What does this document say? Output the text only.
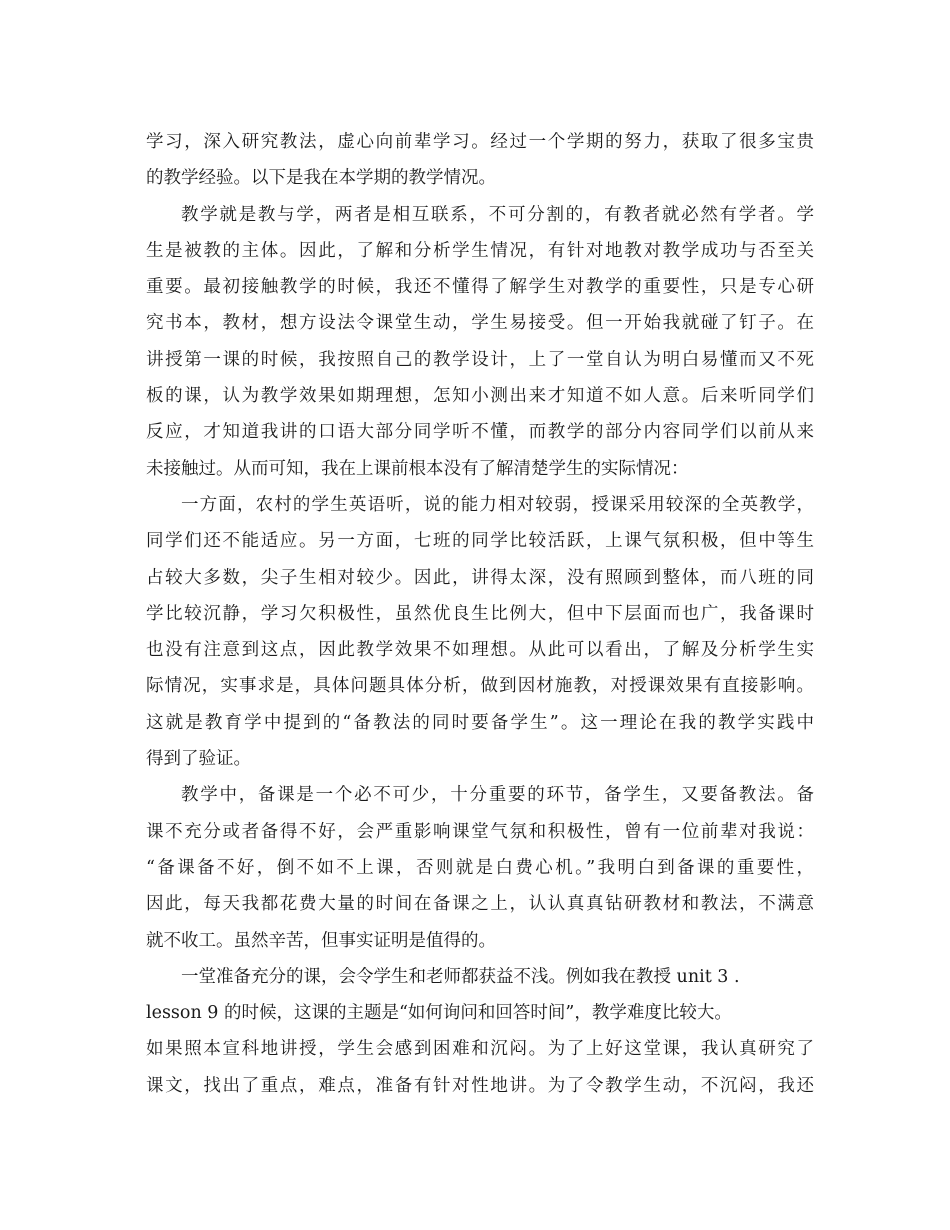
学习，深入研究教法，虚心向前辈学习。经过一个学期的努力，获取了很多宝贵
的教学经验。以下是我在本学期的教学情况。
教学就是教与学，两者是相互联系，不可分割的，有教者就必然有学者。学
生是被教的主体。因此，了解和分析学生情况，有针对地教对教学成功与否至关
重要。最初接触教学的时候，我还不懂得了解学生对教学的重要性，只是专心研
究书本，教材，想方设法令课堂生动，学生易接受。但一开始我就碰了钉子。在
讲授第一课的时候，我按照自己的教学设计，上了一堂自认为明白易懂而又不死
板的课，认为教学效果如期理想，怎知小测出来才知道不如人意。后来听同学们
反应，才知道我讲的口语大部分同学听不懂，而教学的部分内容同学们以前从来
未接触过。从而可知，我在上课前根本没有了解清楚学生的实际情况：
一方面，农村的学生英语听，说的能力相对较弱，授课采用较深的全英教学，
同学们还不能适应。另一方面，七班的同学比较活跃，上课气氛积极，但中等生
占较大多数，尖子生相对较少。因此，讲得太深，没有照顾到整体，而八班的同
学比较沉静，学习欠积极性，虽然优良生比例大，但中下层面而也广，我备课时
也没有注意到这点，因此教学效果不如理想。从此可以看出，了解及分析学生实
际情况，实事求是，具体问题具体分析，做到因材施教，对授课效果有直接影响。
这就是教育学中提到的“备教法的同时要备学生”。这一理论在我的教学实践中
得到了验证。
教学中，备课是一个必不可少，十分重要的环节，备学生，又要备教法。备
课不充分或者备得不好，会严重影响课堂气氛和积极性，曾有一位前辈对我说：
“备课备不好，倒不如不上课，否则就是白费心机。”我明白到备课的重要性，
因此，每天我都花费大量的时间在备课之上，认认真真钻研教材和教法，不满意
就不收工。虽然辛苦，但事实证明是值得的。
一堂准备充分的课，会令学生和老师都获益不浅。例如我在教授 unit 3 .
lesson 9 的时候，这课的主题是“如何询问和回答时间”，教学难度比较大。
如果照本宣科地讲授，学生会感到困难和沉闷。为了上好这堂课，我认真研究了
课文，找出了重点，难点，准备有针对性地讲。为了令教学生动，不沉闷，我还
